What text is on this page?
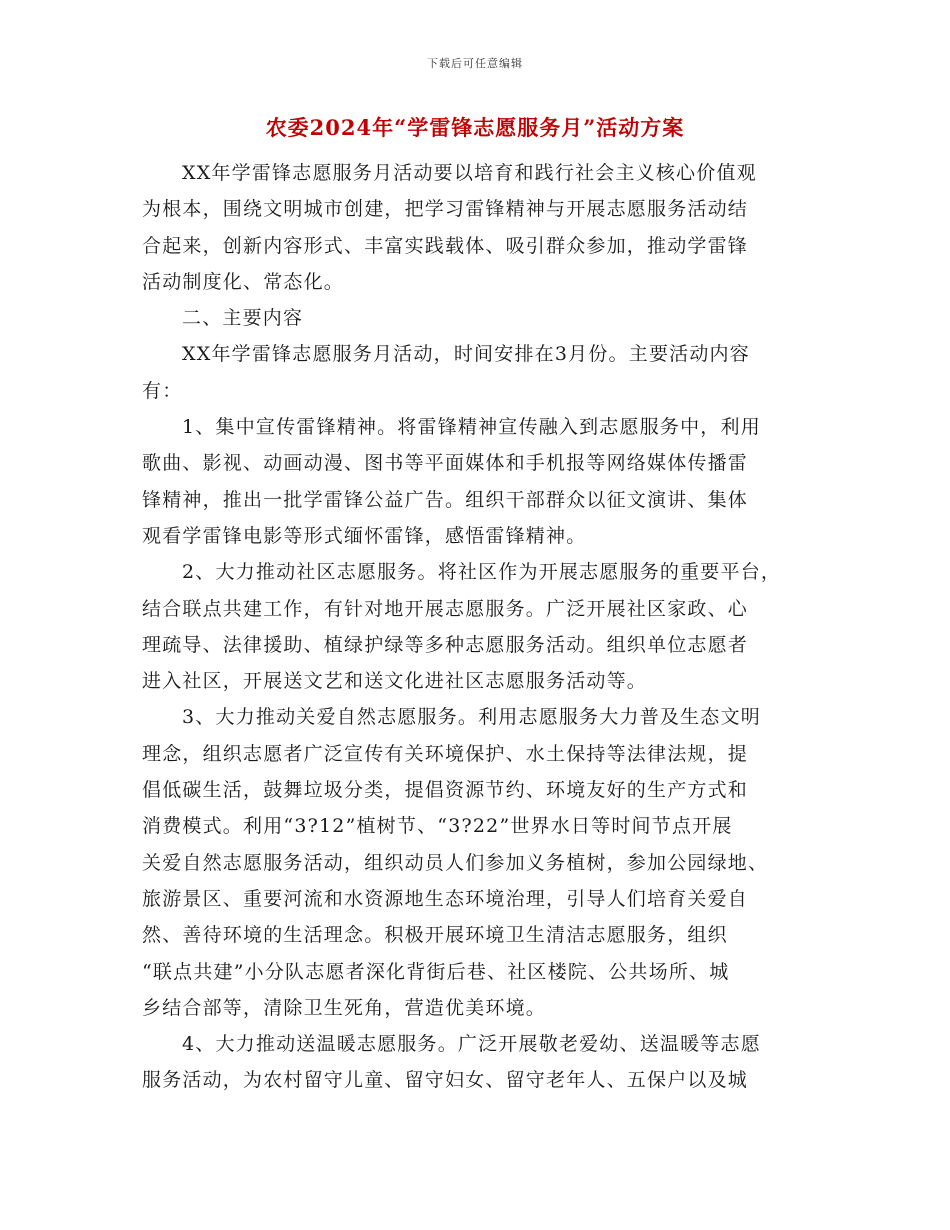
下载后可任意编辑
农委2024年“学雷锋志愿服务月”活动方案
XX年学雷锋志愿服务月活动要以培育和践行社会主义核心价值观
为根本，围绕文明城市创建，把学习雷锋精神与开展志愿服务活动结
合起来，创新内容形式、丰富实践载体、吸引群众参加，推动学雷锋
活动制度化、常态化。
二、主要内容
XX年学雷锋志愿服务月活动，时间安排在3月份。主要活动内容
有：
1、集中宣传雷锋精神。将雷锋精神宣传融入到志愿服务中，利用
歌曲、影视、动画动漫、图书等平面媒体和手机报等网络媒体传播雷
锋精神，推出一批学雷锋公益广告。组织干部群众以征文演讲、集体
观看学雷锋电影等形式缅怀雷锋，感悟雷锋精神。
2、大力推动社区志愿服务。将社区作为开展志愿服务的重要平台，
结合联点共建工作，有针对地开展志愿服务。广泛开展社区家政、心
理疏导、法律援助、植绿护绿等多种志愿服务活动。组织单位志愿者
进入社区，开展送文艺和送文化进社区志愿服务活动等。
3、大力推动关爱自然志愿服务。利用志愿服务大力普及生态文明
理念，组织志愿者广泛宣传有关环境保护、水土保持等法律法规，提
倡低碳生活，鼓舞垃圾分类，提倡资源节约、环境友好的生产方式和
消费模式。利用“3?12”植树节、“3?22”世界水日等时间节点开展
关爱自然志愿服务活动，组织动员人们参加义务植树，参加公园绿地、
旅游景区、重要河流和水资源地生态环境治理，引导人们培育关爱自
然、善待环境的生活理念。积极开展环境卫生清洁志愿服务，组织
“联点共建”小分队志愿者深化背街后巷、社区楼院、公共场所、城
乡结合部等，清除卫生死角，营造优美环境。
4、大力推动送温暖志愿服务。广泛开展敬老爱幼、送温暖等志愿
服务活动，为农村留守儿童、留守妇女、留守老年人、五保户以及城
